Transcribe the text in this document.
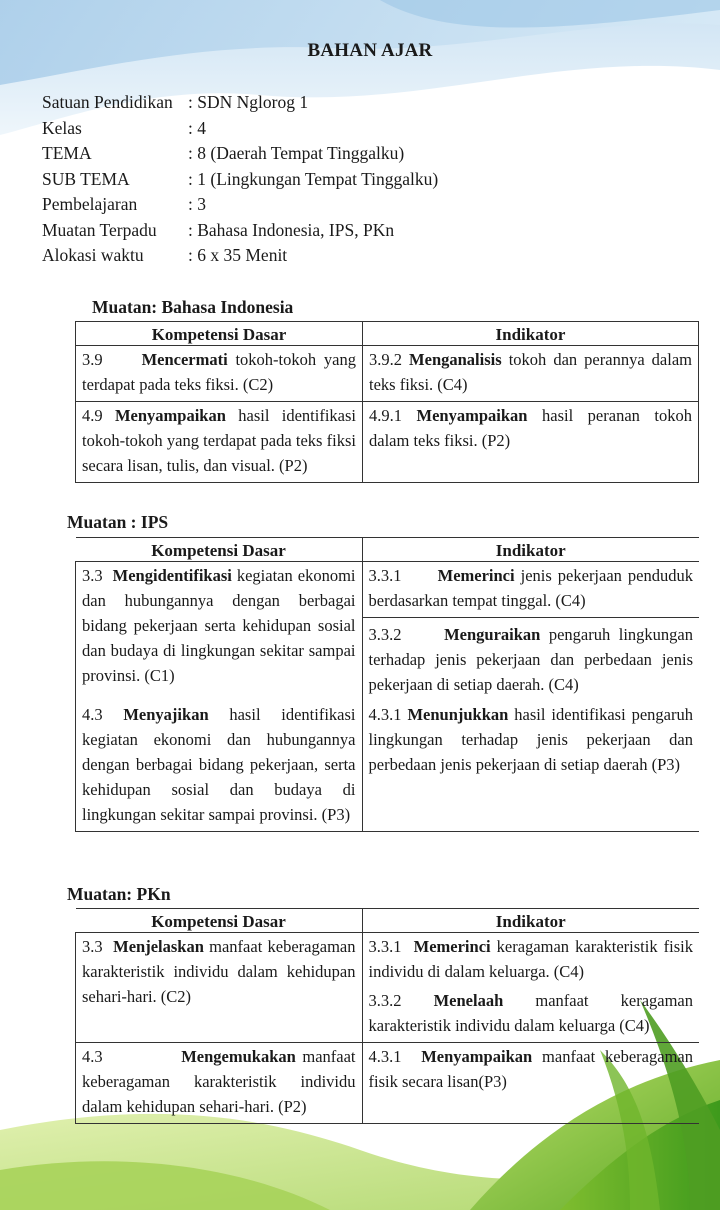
BAHAN AJAR
Satuan Pendidikan : SDN Nglorog 1
Kelas	: 4
TEMA	: 8 (Daerah Tempat Tinggalku)
SUB TEMA	: 1 (Lingkungan Tempat Tinggalku)
Pembelajaran	: 3
Muatan Terpadu	: Bahasa Indonesia, IPS, PKn
Alokasi waktu	: 6 x 35 Menit
Muatan: Bahasa Indonesia
Kompetensi Dasar	Indikator
3.9 Mencermati tokoh-tokoh yang terdapat pada teks fiksi. (C2)	3.9.2 Menganalisis tokoh dan perannya dalam teks fiksi. (C4)
4.9 Menyampaikan hasil identifikasi tokoh-tokoh yang terdapat pada teks fiksi secara lisan, tulis, dan visual. (P2)	4.9.1 Menyampaikan hasil peranan tokoh dalam teks fiksi. (P2)
Muatan : IPS
Kompetensi Dasar	Indikator
3.3 Mengidentifikasi kegiatan ekonomi dan hubungannya dengan berbagai bidang pekerjaan serta kehidupan sosial dan budaya di lingkungan sekitar sampai provinsi. (C1)	3.3.1 Memerinci jenis pekerjaan penduduk berdasarkan tempat tinggal. (C4)
3.3.2 Menguraikan pengaruh lingkungan terhadap jenis pekerjaan dan perbedaan jenis pekerjaan di setiap daerah. (C4)

4.3 Menyajikan hasil identifikasi kegiatan ekonomi dan hubungannya dengan berbagai bidang pekerjaan, serta kehidupan sosial dan budaya di lingkungan sekitar sampai provinsi. (P3)	4.3.1 Menunjukkan hasil identifikasi pengaruh lingkungan terhadap jenis pekerjaan dan perbedaan jenis pekerjaan di setiap daerah (P3)
Muatan: PKn
Kompetensi Dasar	Indikator
3.3 Menjelaskan manfaat keberagaman karakteristik individu dalam kehidupan sehari-hari. (C2)	3.3.1 Memerinci keragaman karakteristik fisik individu di dalam keluarga. (C4)
3.3.2 Menelaah manfaat keragaman karakteristik individu dalam keluarga (C4)

4.3 Mengemukakan manfaat keberagaman karakteristik individu dalam kehidupan sehari-hari. (P2)	4.3.1 Menyampaikan manfaat keberagaman fisik secara lisan(P3)
